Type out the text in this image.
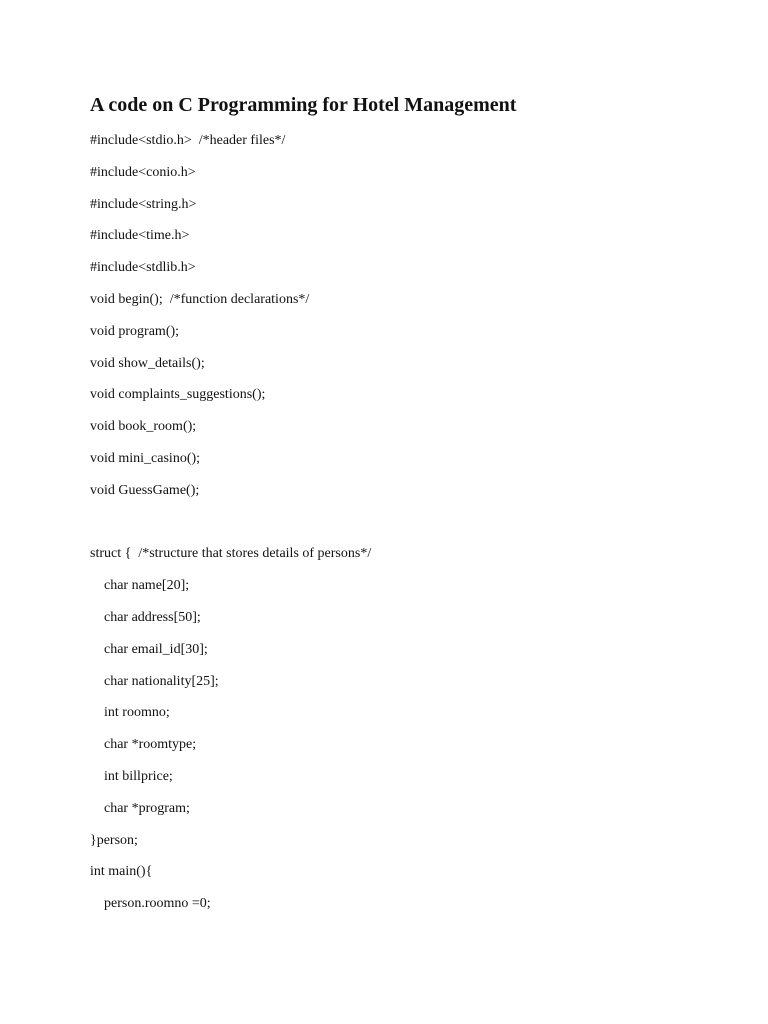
A code on C Programming for Hotel Management
#include<stdio.h>  /*header files*/
#include<conio.h>
#include<string.h>
#include<time.h>
#include<stdlib.h>
void begin();  /*function declarations*/
void program();
void show_details();
void complaints_suggestions();
void book_room();
void mini_casino();
void GuessGame();
struct {  /*structure that stores details of persons*/
char name[20];
char address[50];
char email_id[30];
char nationality[25];
int roomno;
char *roomtype;
int billprice;
char *program;
}person;
int main(){
person.roomno =0;
